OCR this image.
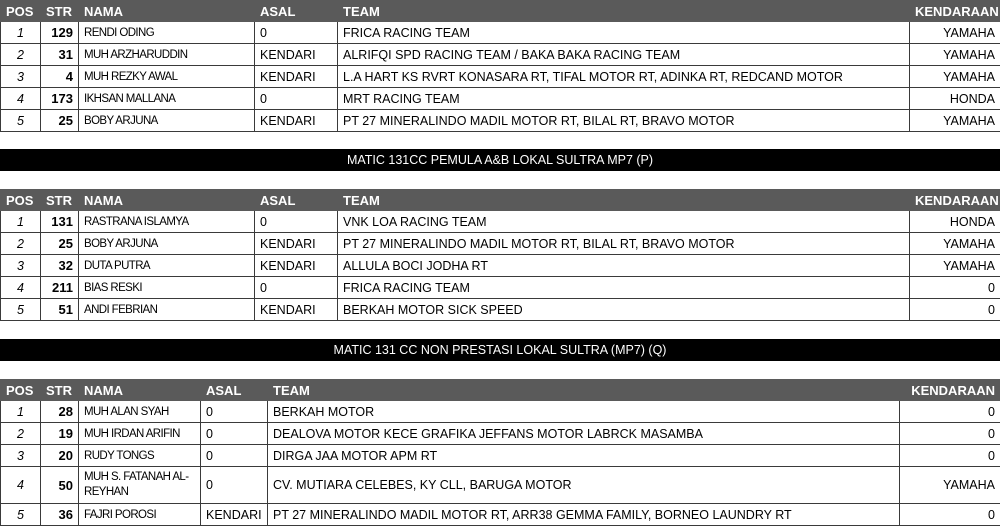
POS	STR	NAMA	ASAL	TEAM	KENDARAAN
1	129	RENDI ODING	0	FRICA RACING TEAM	YAMAHA
2	31	MUH ARZHARUDDIN	KENDARI	ALRIFQI SPD RACING TEAM / BAKA BAKA RACING TEAM	YAMAHA
3	4	MUH REZKY AWAL	KENDARI	L.A HART KS RVRT KONASARA RT, TIFAL MOTOR RT, ADINKA RT, REDCAND MOTOR	YAMAHA
4	173	IKHSAN MALLANA	0	MRT RACING TEAM	HONDA
5	25	BOBY ARJUNA	KENDARI	PT 27 MINERALINDO MADIL MOTOR RT, BILAL RT, BRAVO MOTOR	YAMAHA
MATIC 131CC PEMULA A&B LOKAL SULTRA MP7 (P)
POS	STR	NAMA	ASAL	TEAM	KENDARAAN
1	131	RASTRANA ISLAMYA	0	VNK LOA RACING TEAM	HONDA
2	25	BOBY ARJUNA	KENDARI	PT 27 MINERALINDO MADIL MOTOR RT, BILAL RT, BRAVO MOTOR	YAMAHA
3	32	DUTA PUTRA	KENDARI	ALLULA BOCI JODHA RT	YAMAHA
4	211	BIAS RESKI	0	FRICA RACING TEAM	0
5	51	ANDI FEBRIAN	KENDARI	BERKAH MOTOR SICK SPEED	0
MATIC 131 CC NON PRESTASI LOKAL SULTRA (MP7) (Q)
POS	STR	NAMA	ASAL	TEAM	KENDARAAN
1	28	MUH ALAN SYAH	0	BERKAH MOTOR	0
2	19	MUH IRDAN ARIFIN	0	DEALOVA MOTOR KECE GRAFIKA JEFFANS MOTOR LABRCK MASAMBA	0
3	20	RUDY TONGS	0	DIRGA JAA MOTOR APM RT	0
4	50	MUH S. FATANAH AL-REYHAN	0	CV. MUTIARA CELEBES, KY CLL, BARUGA MOTOR	YAMAHA
5	36	FAJRI POROSI	KENDARI	PT 27 MINERALINDO MADIL MOTOR RT, ARR38 GEMMA FAMILY, BORNEO LAUNDRY RT	0
